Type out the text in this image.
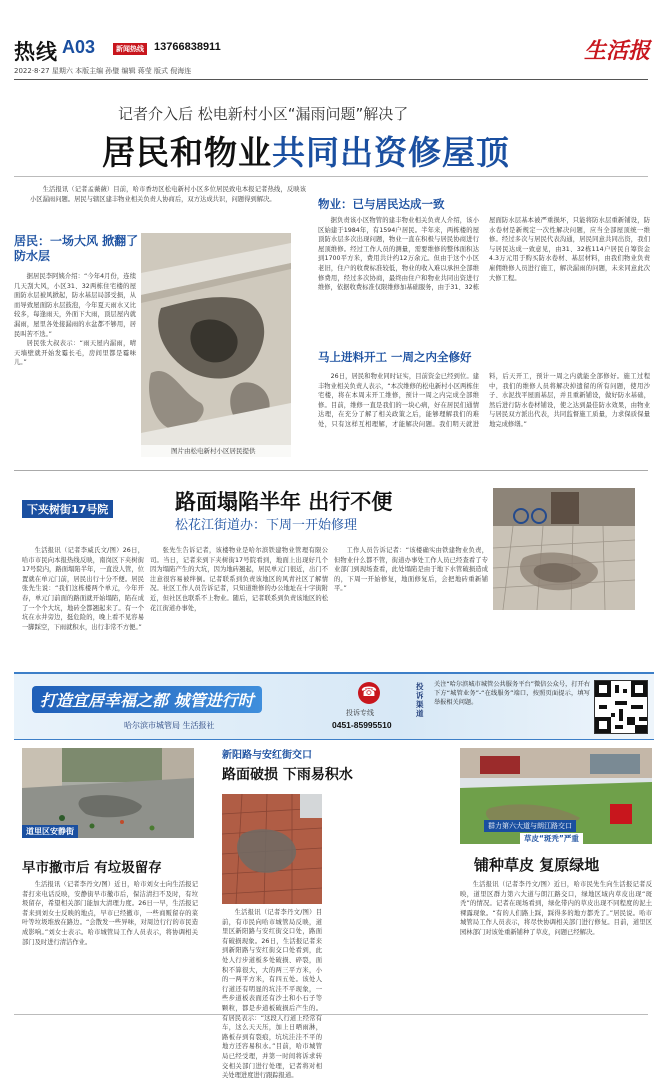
热线 A03	新闻热线 13766838911	生活报
2022·8·27 星期六 本版主编 孙璧 编辑 蒋莹 版式 倪海连
记者介入后 松电新村小区“漏雨问题”解决了
居民和物业共同出资修屋顶

生活报讯（记者孟薇薇）目前，哈市香坊区松电新村小区多位居民致电本报记者热线，反映该小区漏雨问题。居民与辖区建丰物业相关负责人协商后，双方达成共识，问题得到解决。

居民：一场大风 掀翻了防水层

据居民李阿姨介绍：“今年4月份，连续几天刮大风，小区31、32两栋住宅楼的屋面防水层被风掀起，防水基层局部受损，从而导致屋面防水层鼓泡，今年夏天雨水又比较多，每逢雨天，外面下大雨，顶层屋内就漏雨，屋里各处接漏雨的水盆都不够用，居民叫苦不迭。”

居民张大叔表示：“雨天屋内漏雨，晴天墙壁就开始发霉长毛，房间里都是霉味儿。”

图片由松电新村小区居民提供
物业：已与居民达成一致

据负责该小区物管的建丰物业相关负责人介绍，该小区始建于1984年，有1594户居民。半年来，两栋楼的屋顶防水层多次出现问题，物业一直在积极与居民协商进行屋顶维修。经过工作人员的测量，需要维修的整体面积达到1700平方米，费用共计约12万余元。但由于这个小区老旧，住户的收费标准较低，物业的收入难以承担全部维修费用，经过多次协商，最终由住户和物业共同出资进行维修，依据收费标准仅限维修加基础服务，由于31、32栋屋面防水层基本被严重损坏，只能将防水层重新铺设，防水卷材是新规定一次性解决问题，应当全部屋顶统一维修。经过多次与居民代表沟通，居民同意共同出资，我们与居民达成一致意见，由31、32栋114户居民自筹资金4.3万元用于购买防水卷材、基层材料，由我们物业负责雇佣维修人员进行施工，解决漏雨的问题，未来同意此次大修工程。

马上进料开工 一周之内全修好

26日，居民和物业同时证实，目前资金已经到位。建丰物业相关负责人表示，“本次维修的松电新村小区两栋住宅楼，将在本周末开工维修，预计一周之内完成全部维修。目前，维修一直是我们的一块心病，好在居民们通情达理，在充分了解了相关政策之后，能够理解我们的难处，只有这样互相理解，才能解决问题。我们明天就进料，后天开工，预计一周之内就能全部修好。施工过程中，我们的维修人员将解决掉遗留的所有问题，使用沙子、水泥找平屋面基层，并且重新铺设，做好防水基础，然后进行防水卷材铺设，使之达到最佳防水效果，由物业与居民双方派出代表，共同监督施工质量，力求保质保量地完成修缮。”

下夹树街17号院	路面塌陷半年 出行不便
松花江街道办：下周一开始修理

生活报讯（记者李威氏文/图）26日，哈市市民向本报热线反映，南岗区下夹树街17号院内，路面塌陷半年，一直没人管，位置就在单元门前，居民出行十分不便。居民张先生说：“我们这栋楼两个单元，今年开春，单元门前面的路面就开始塌陷，陷在成了一个个大坑，地砖全都翘起来了。有一个坑在水井旁边，挺危险的，晚上看不见容易一脚踩空，下雨就积水，出行非常不方便。”

张先生告诉记者，该楼物业是哈尔滨铁建物业管理有限公司。当日，记者来到下夹树街17号院看到，地面上出现好几个因为塌陷产生的大坑，因为地砖翘起，居民单元门很近，出门不注意很容易被绊倒。记者联系到负责该地区的风青社区了解情况。社区工作人员告诉记者，只知道维修的办公地址在十字街附近，但社区也联系不上物业。随后，记者联系到负责该地区的松花江街道办事处，

工作人员告诉记者：“该楼确实由铁建物业负责，但物业什么都不管，街道办事处工作人员已经查看了专业部门到现场查看，此处塌陷是由于地下水管破损造成的，下周一开始修复，地面修复后，会把地砖重新铺平。”

打造宜居幸福之都 城管进行时
哈尔滨市城管局 生活报社
☎
投诉专线
0451-85995510
投诉渠道
关注“哈尔滨城市城管公共服务平台”微信公众号，打开右下方“城管业务”-“在线服务”端口，按照页面提示，填写举报相关问题。
道里区安静街
早市撤市后 有垃圾留存

生活报讯（记者李丹文/图）近日，哈市刘女士向生活报记者打来电话反映，安静街早市撤市后，保洁清扫不及时，有垃圾留存，希望相关部门能加大清理力度。26日一早，生活报记者来到刘女士反映的地点，早市已经撤市，一些商贩留存的菜叶等垃圾堆放在路边。“会散发一些异味，对周边行行的市民造成影响。”刘女士表示。哈市城管局工作人员表示，将协调相关部门及时进行清洁作业。

新阳路与安红街交口
路面破损 下雨易积水

生活报讯（记者李丹文/图）目前，有市民向哈市城管局反映，道里区新阳路与安红街交口处，路面有破损现象。26日，生活报记者来到新阳路与安红街交口处看到，此处人行步道板多处破损、碎裂，面积不算很大，大的两三平方米，小的一两平方米，有四五处。该处人行道还有明显的坑洼不平现象，一些步道板表面还有沙土和小石子等颗粒，都是步道板破损后产生的。有居民表示：“这段人行道上经常有车，这么天天压，加上日晒雨淋，路板存到有裂痕，坑坑洼洼不平的地方还容易积水。”目前，哈市城管局已经受理，并第一时间将诉求转交相关部门进行处理，记者将对相关处理进度进行跟踪报道。

群力第六大道与朗江路交口
草皮“斑秃”严重
铺种草皮 复原绿地

生活报讯（记者李丹文/图）近日，哈市民先生向生活报记者反映，道里区群力第六大道与朗江路交口，绿地区域内草皮出现“斑秃”的情况。记者在现场看到，绿化带内的草皮出现不同程度的泥土裸露现象。“有的人们路上踩，踩得多的地方都秃了。”居民说。哈市城管局工作人员表示，将尽快协调相关部门进行修复。目前，道里区园林部门对该处重新铺种了草皮，问题已经解决。
